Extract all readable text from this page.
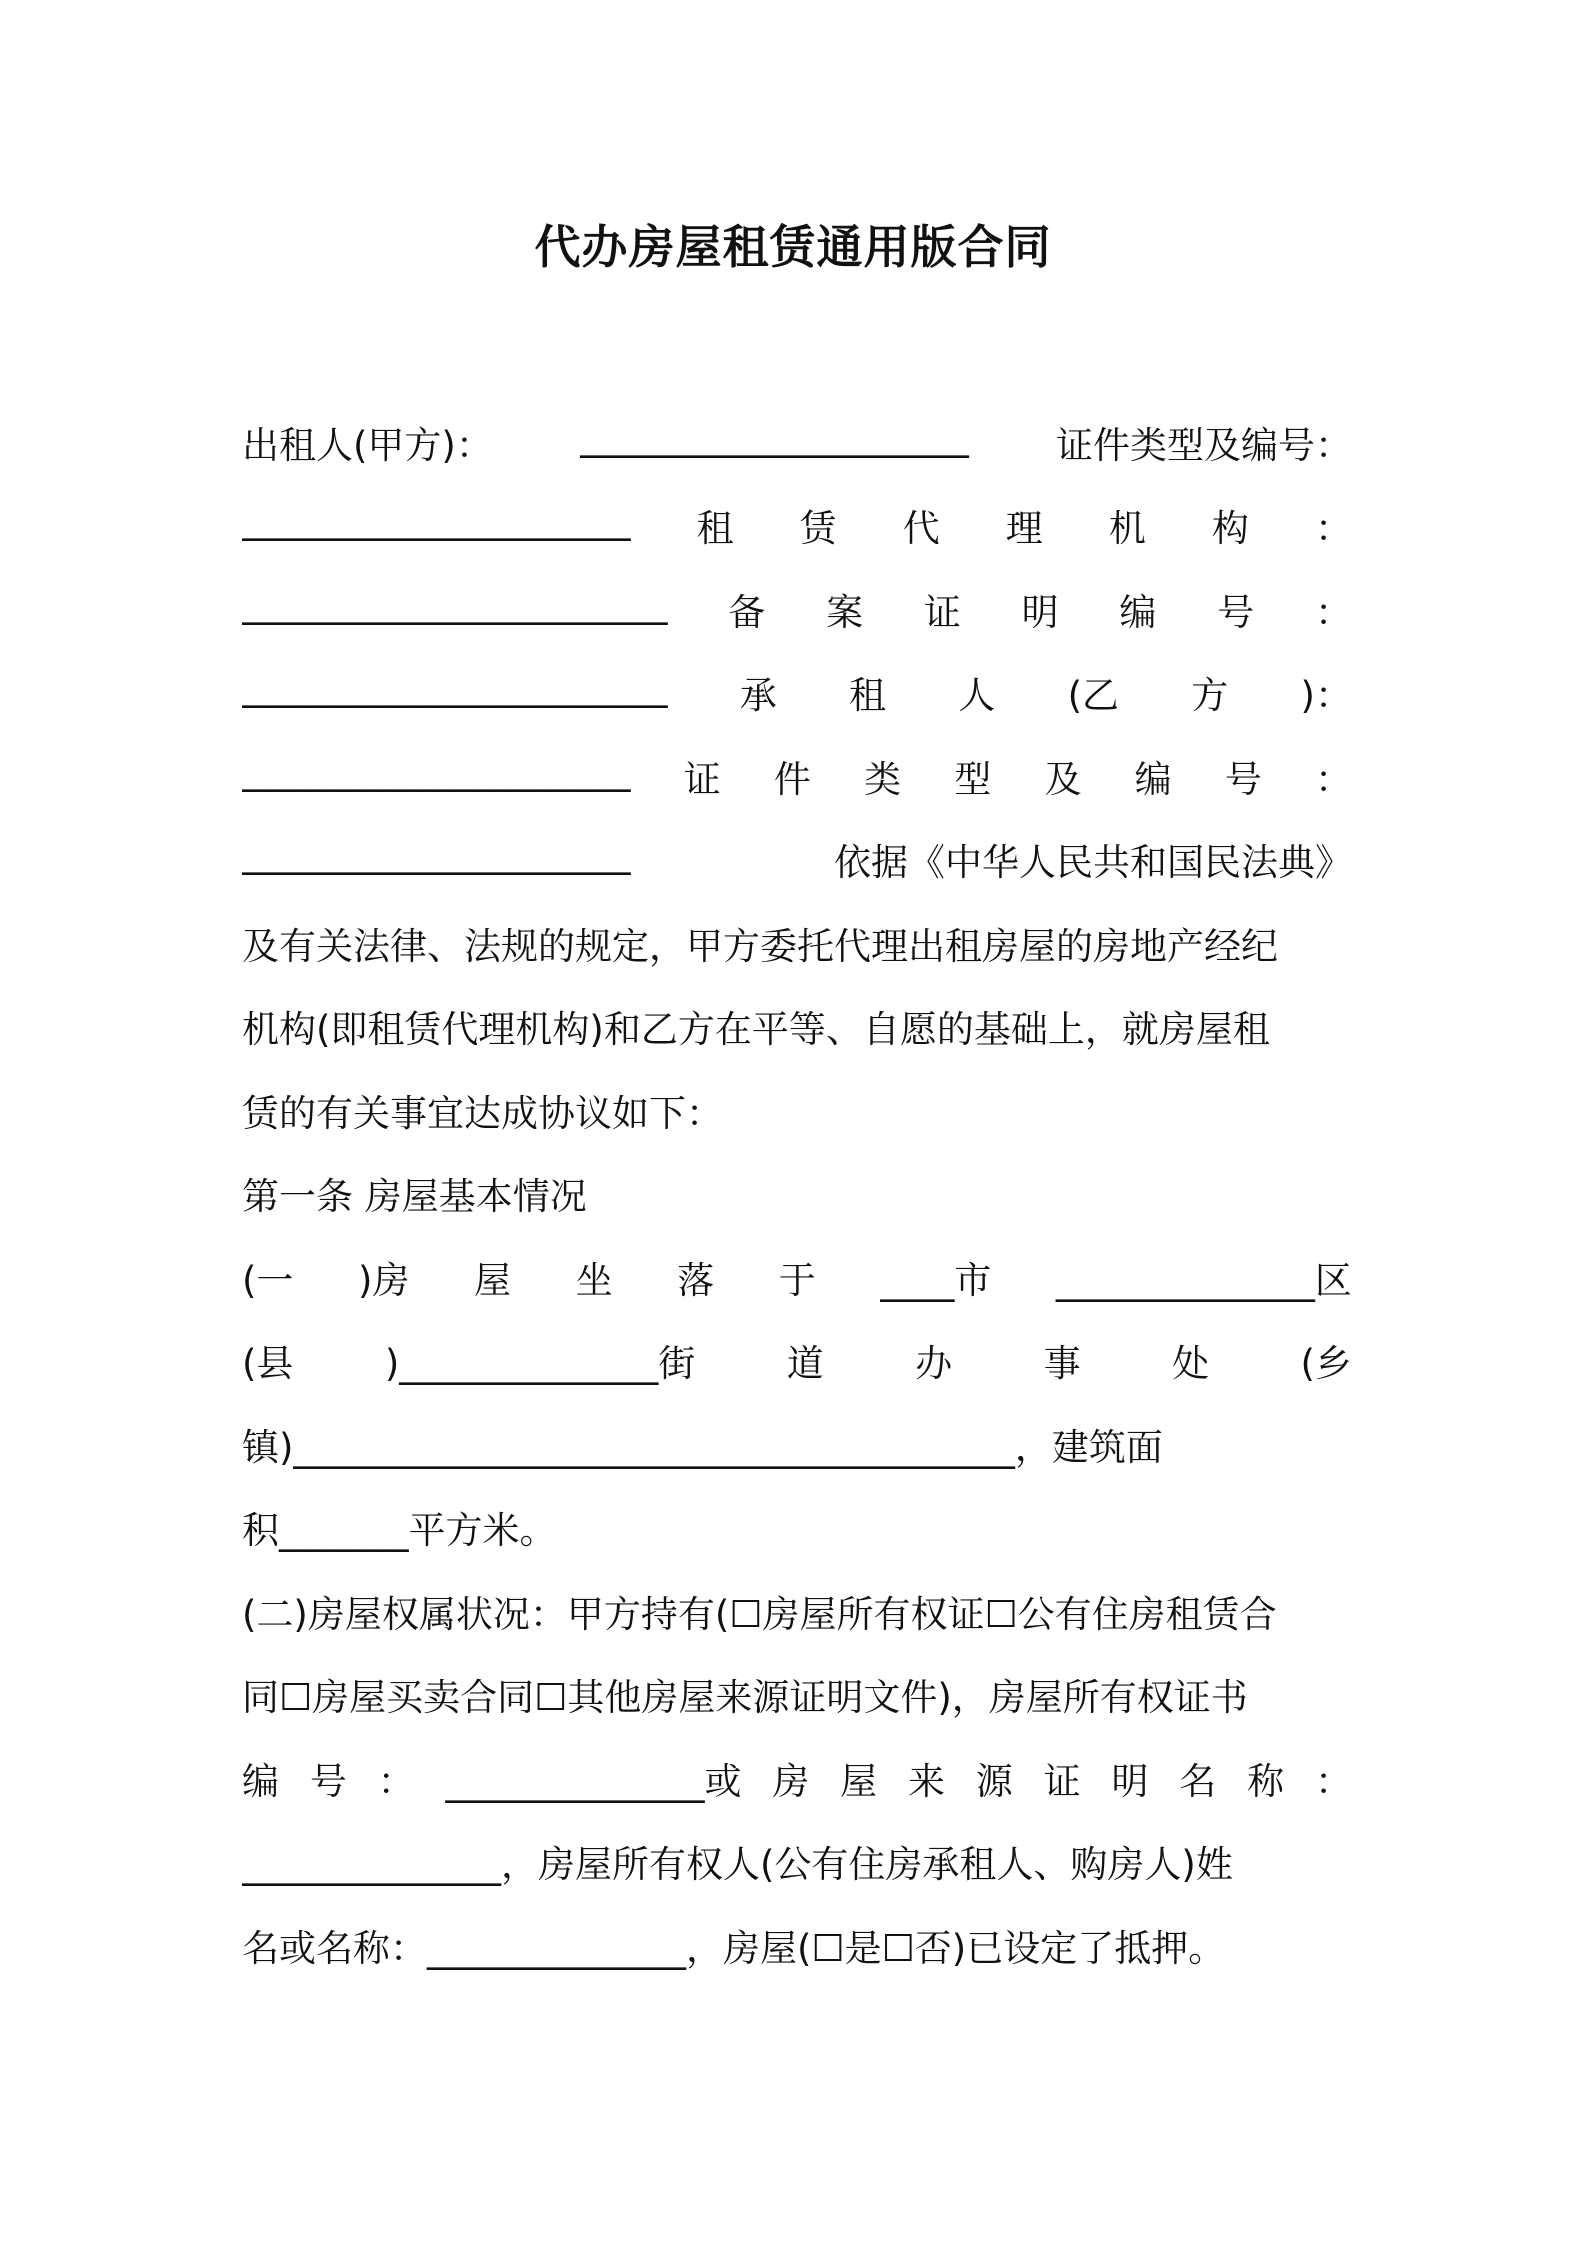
代办房屋租赁通用版合同
出租人(甲方)： _____________________ 证件类型及编号：
_____________________ 租 赁 代 理 机 构 ：
_______________________ 备 案 证 明 编 号 ：
_______________________ 承 租 人 (乙 方 )：
_____________________ 证 件 类 型 及 编 号 ：
_____________________	依据《中华人民共和国民法典》
及有关法律、法规的规定，甲方委托代理出租房屋的房地产经纪
机构(即租赁代理机构)和乙方在平等、自愿的基础上，就房屋租
赁的有关事宜达成协议如下：
第一条 房屋基本情况
(一 )房 屋 坐 落 于 ____市 ______________区
(县 )______________街 道 办 事 处 (乡
镇)_______________________________________，建筑面
积_______平方米。
(二)房屋权属状况：甲方持有(☐房屋所有权证☐公有住房租赁合
同☐房屋买卖合同☐其他房屋来源证明文件)，房屋所有权证书
编 号 ： ______________或 房 屋 来 源 证 明 名 称 ：
______________，房屋所有权人(公有住房承租人、购房人)姓
名或名称：______________，房屋(☐是☐否)已设定了抵押。
